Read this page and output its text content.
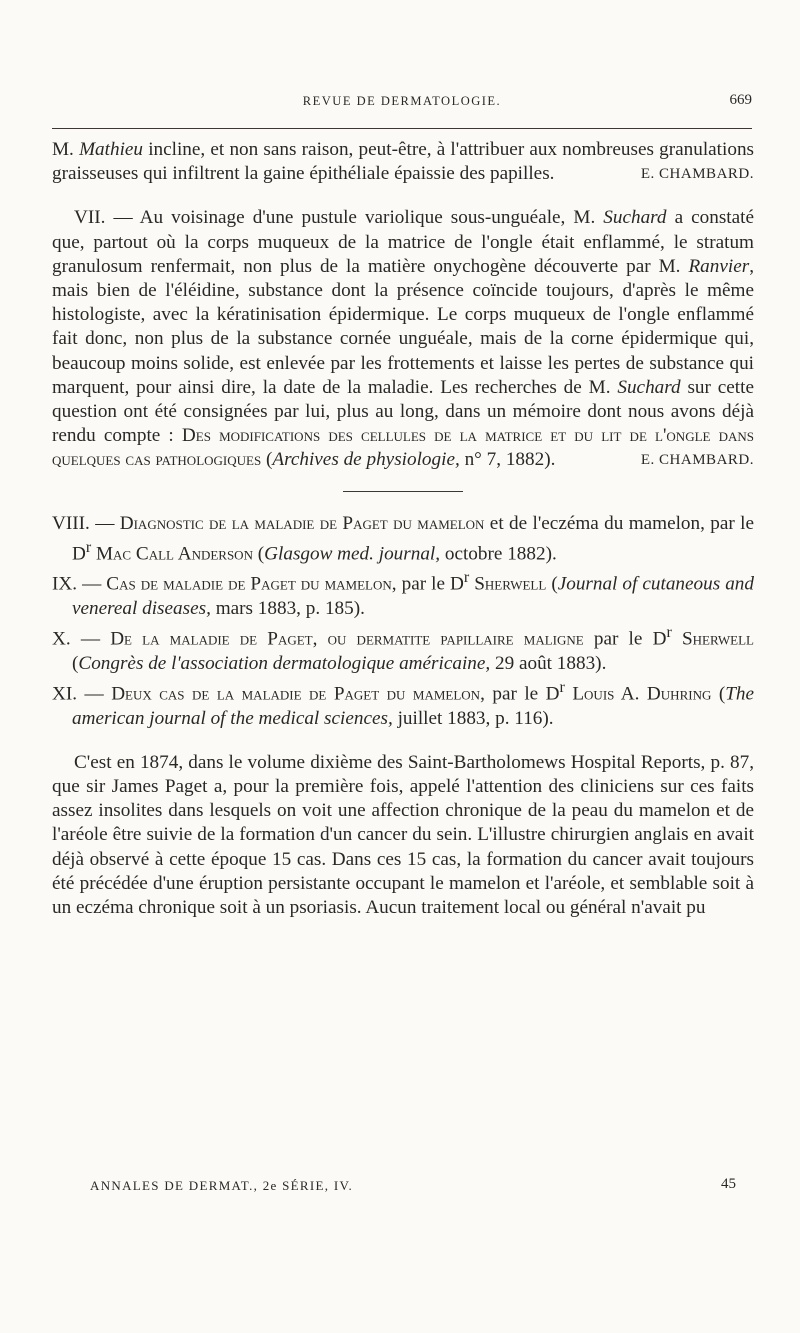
REVUE DE DERMATOLOGIE.	669

M. Mathieu incline, et non sans raison, peut-être, à l'attribuer aux nombreuses granulations graisseuses qui infiltrent la gaine épithéliale épaissie des papilles.	E. CHAMBARD.

VII. — Au voisinage d'une pustule variolique sous-unguéale, M. Suchard a constaté que, partout où la corps muqueux de la matrice de l'ongle était enflammé, le stratum granulosum renfermait, non plus de la matière onychogène découverte par M. Ranvier, mais bien de l'éléidine, substance dont la présence coïncide toujours, d'après le même histologiste, avec la kératinisation épidermique. Le corps muqueux de l'ongle enflammé fait donc, non plus de la substance cornée unguéale, mais de la corne épidermique qui, beaucoup moins solide, est enlevée par les frottements et laisse les pertes de substance qui marquent, pour ainsi dire, la date de la maladie. Les recherches de M. Suchard sur cette question ont été consignées par lui, plus au long, dans un mémoire dont nous avons déjà rendu compte : Des modifications des cellules de la matrice et du lit de l'ongle dans quelques cas pathologiques (Archives de physiologie, n° 7, 1882).	E. CHAMBARD.

VIII. — Diagnostic de la maladie de Paget du mamelon et de l'eczéma du mamelon, par le $D^r$ Mac Call Anderson (Glasgow med. journal, octobre 1882).

IX. — Cas de maladie de Paget du mamelon, par le $D^r$ Sherwell (Journal of cutaneous and venereal diseases, mars 1883, p. 185).

X. — De la maladie de Paget, ou dermatite papillaire maligne par le $D^r$ Sherwell (Congrès de l'association dermatologique américaine, 29 août 1883).

XI. — Deux cas de la maladie de Paget du mamelon, par le $D^r$ Louis A. Duhring (The american journal of the medical sciences, juillet 1883, p. 116).

C'est en 1874, dans le volume dixième des Saint-Bartholomews Hospital Reports, p. 87, que sir James Paget a, pour la première fois, appelé l'attention des cliniciens sur ces faits assez insolites dans lesquels on voit une affection chronique de la peau du mamelon et de l'aréole être suivie de la formation d'un cancer du sein. L'illustre chirurgien anglais en avait déjà observé à cette époque 15 cas. Dans ces 15 cas, la formation du cancer avait toujours été précédée d'une éruption persistante occupant le mamelon et l'aréole, et semblable soit à un eczéma chronique soit à un psoriasis. Aucun traitement local ou général n'avait pu

ANNALES DE DERMAT., 2e SÉRIE, IV.	45
